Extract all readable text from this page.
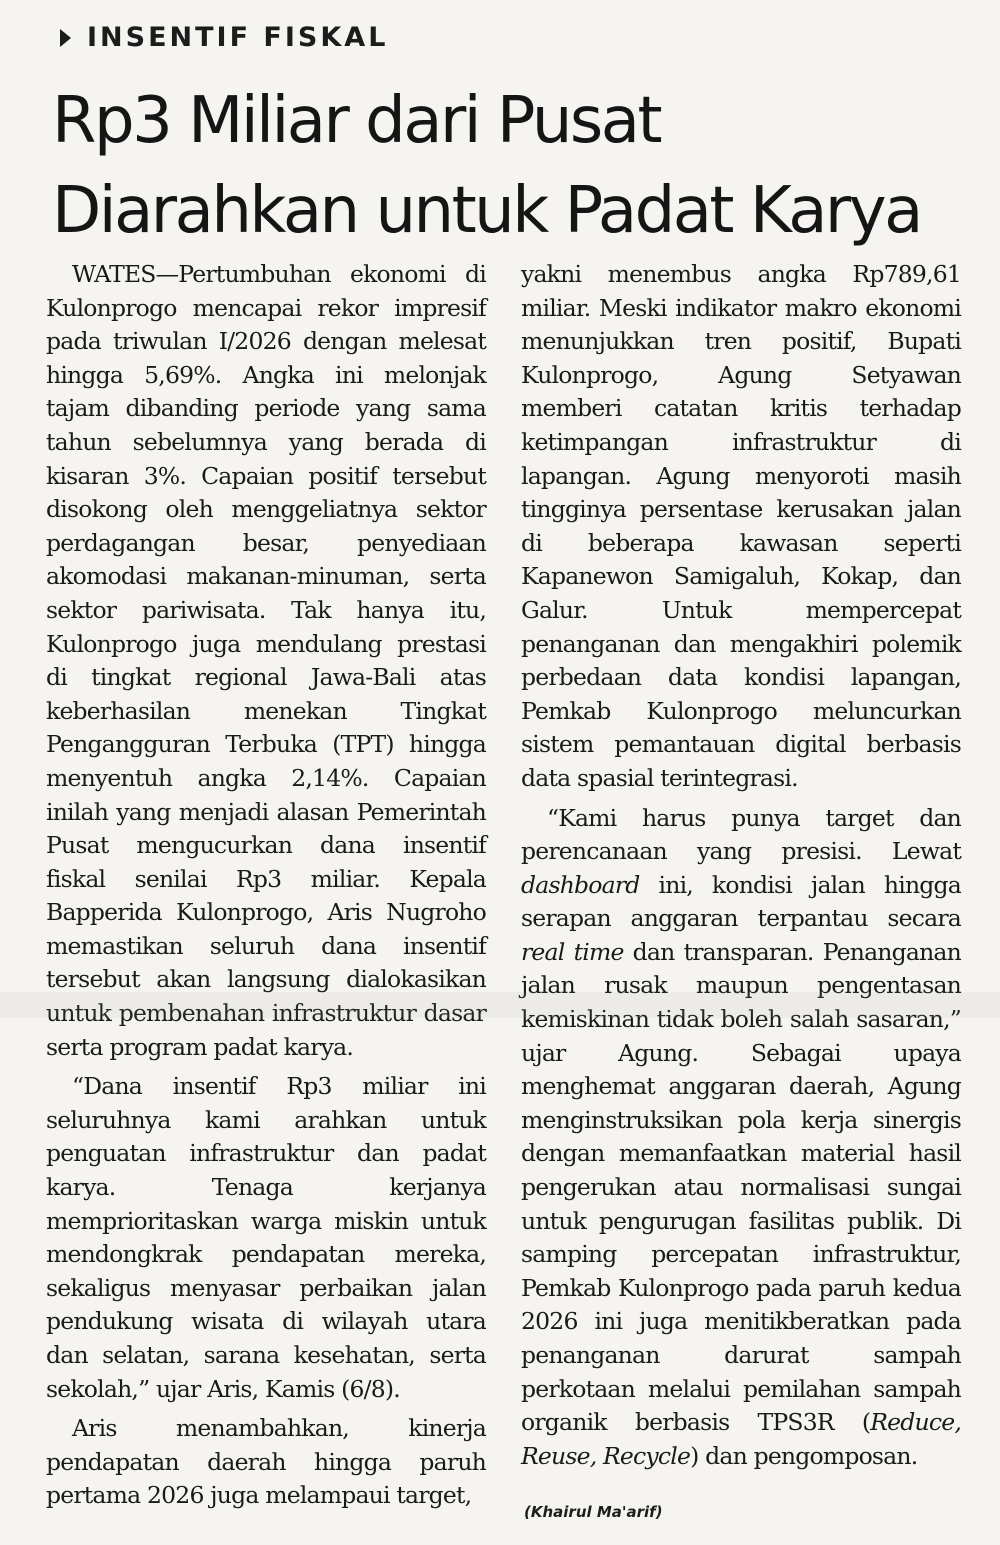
INSENTIF FISKAL
Rp3 Miliar dari Pusat
Diarahkan untuk Padat Karya

WATES—Pertumbuhan ekonomi di Kulonprogo mencapai rekor impresif pada triwulan I/2026 dengan melesat hingga 5,69%. Angka ini melonjak tajam dibanding periode yang sama tahun sebelumnya yang berada di kisaran 3%. Capaian positif tersebut disokong oleh menggeliatnya sektor perdagangan besar, penyediaan akomodasi makanan-minuman, serta sektor pariwisata. Tak hanya itu, Kulonprogo juga mendulang prestasi di tingkat regional Jawa-Bali atas keberhasilan menekan Tingkat Pengangguran Terbuka (TPT) hingga menyentuh angka 2,14%. Capaian inilah yang menjadi alasan Pemerintah Pusat mengucurkan dana insentif fiskal senilai Rp3 miliar. Kepala Bapperida Kulonprogo, Aris Nugroho memastikan seluruh dana insentif tersebut akan langsung dialokasikan untuk pembenahan infrastruktur dasar serta program padat karya.

“Dana insentif Rp3 miliar ini seluruhnya kami arahkan untuk penguatan infrastruktur dan padat karya. Tenaga kerjanya memprioritaskan warga miskin untuk mendongkrak pendapatan mereka, sekaligus menyasar perbaikan jalan pendukung wisata di wilayah utara dan selatan, sarana kesehatan, serta sekolah,” ujar Aris, Kamis (6/8).

Aris menambahkan, kinerja pendapatan daerah hingga paruh pertama 2026 juga melampaui target,

yakni menembus angka Rp789,61 miliar. Meski indikator makro ekonomi menunjukkan tren positif, Bupati Kulonprogo, Agung Setyawan memberi catatan kritis terhadap ketimpangan infrastruktur di lapangan. Agung menyoroti masih tingginya persentase kerusakan jalan di beberapa kawasan seperti Kapanewon Samigaluh, Kokap, dan Galur. Untuk mempercepat penanganan dan mengakhiri polemik perbedaan data kondisi lapangan, Pemkab Kulonprogo meluncurkan sistem pemantauan digital berbasis data spasial terintegrasi.

“Kami harus punya target dan perencanaan yang presisi. Lewat dashboard ini, kondisi jalan hingga serapan anggaran terpantau secara real time dan transparan. Penanganan jalan rusak maupun pengentasan kemiskinan tidak boleh salah sasaran,” ujar Agung. Sebagai upaya menghemat anggaran daerah, Agung menginstruksikan pola kerja sinergis dengan memanfaatkan material hasil pengerukan atau normalisasi sungai untuk pengurugan fasilitas publik. Di samping percepatan infrastruktur, Pemkab Kulonprogo pada paruh kedua 2026 ini juga menitikberatkan pada penanganan darurat sampah perkotaan melalui pemilahan sampah organik berbasis TPS3R (Reduce, Reuse, Recycle) dan pengomposan.

(Khairul Ma'arif)
